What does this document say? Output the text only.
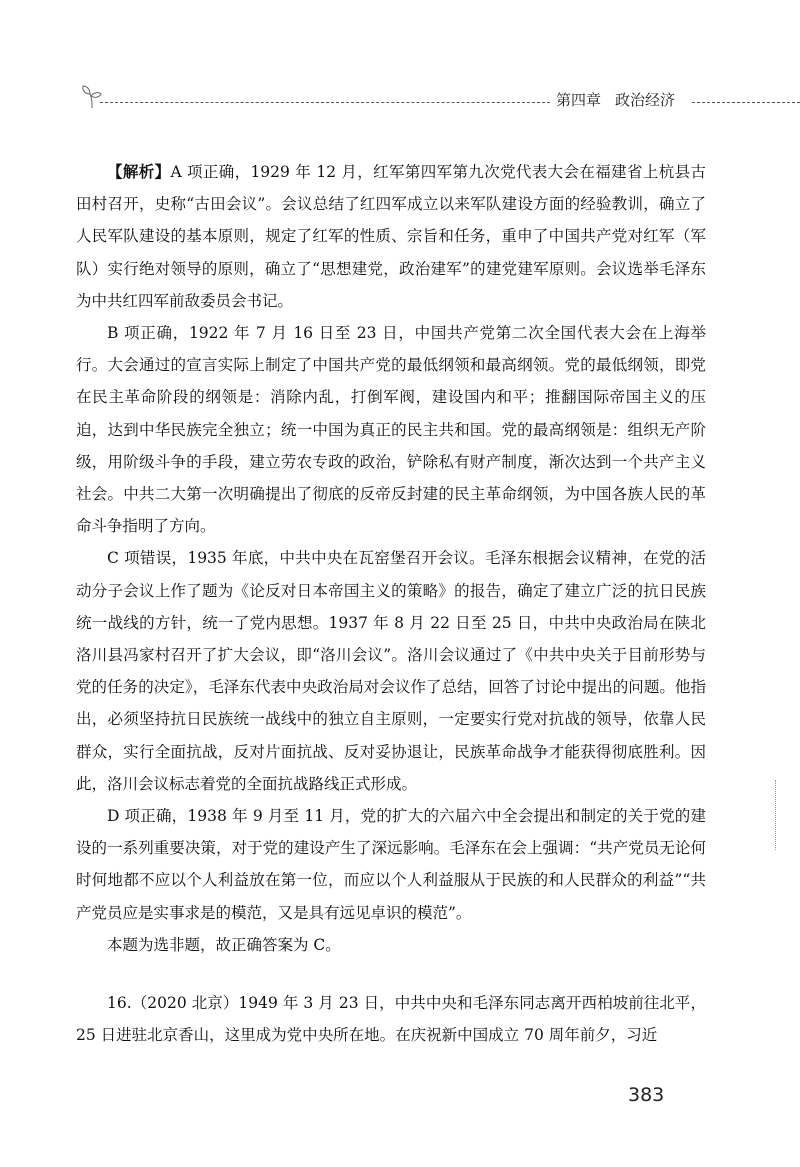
第四章 政治经济

【解析】A 项正确，1929 年 12 月，红军第四军第九次党代表大会在福建省上杭县古田村召开，史称“古田会议”。会议总结了红四军成立以来军队建设方面的经验教训，确立了人民军队建设的基本原则，规定了红军的性质、宗旨和任务，重申了中国共产党对红军（军队）实行绝对领导的原则，确立了“思想建党，政治建军”的建党建军原则。会议选举毛泽东为中共红四军前敌委员会书记。

B 项正确，1922 年 7 月 16 日至 23 日，中国共产党第二次全国代表大会在上海举行。大会通过的宣言实际上制定了中国共产党的最低纲领和最高纲领。党的最低纲领，即党在民主革命阶段的纲领是：消除内乱，打倒军阀，建设国内和平；推翻国际帝国主义的压迫，达到中华民族完全独立；统一中国为真正的民主共和国。党的最高纲领是：组织无产阶级，用阶级斗争的手段，建立劳农专政的政治，铲除私有财产制度，渐次达到一个共产主义社会。中共二大第一次明确提出了彻底的反帝反封建的民主革命纲领，为中国各族人民的革命斗争指明了方向。

C 项错误，1935 年底，中共中央在瓦窑堡召开会议。毛泽东根据会议精神，在党的活动分子会议上作了题为《论反对日本帝国主义的策略》的报告，确定了建立广泛的抗日民族统一战线的方针，统一了党内思想。1937 年 8 月 22 日至 25 日，中共中央政治局在陕北洛川县冯家村召开了扩大会议，即“洛川会议”。洛川会议通过了《中共中央关于目前形势与党的任务的决定》，毛泽东代表中央政治局对会议作了总结，回答了讨论中提出的问题。他指出，必须坚持抗日民族统一战线中的独立自主原则，一定要实行党对抗战的领导，依靠人民群众，实行全面抗战，反对片面抗战、反对妥协退让，民族革命战争才能获得彻底胜利。因此，洛川会议标志着党的全面抗战路线正式形成。

D 项正确，1938 年 9 月至 11 月，党的扩大的六届六中全会提出和制定的关于党的建设的一系列重要决策，对于党的建设产生了深远影响。毛泽东在会上强调：“共产党员无论何时何地都不应以个人利益放在第一位，而应以个人利益服从于民族的和人民群众的利益”“共产党员应是实事求是的模范，又是具有远见卓识的模范”。

本题为选非题，故正确答案为 C。

16.（2020 北京）1949 年 3 月 23 日，中共中央和毛泽东同志离开西柏坡前往北平，25 日进驻北京香山，这里成为党中央所在地。在庆祝新中国成立 70 周年前夕，习近

383
